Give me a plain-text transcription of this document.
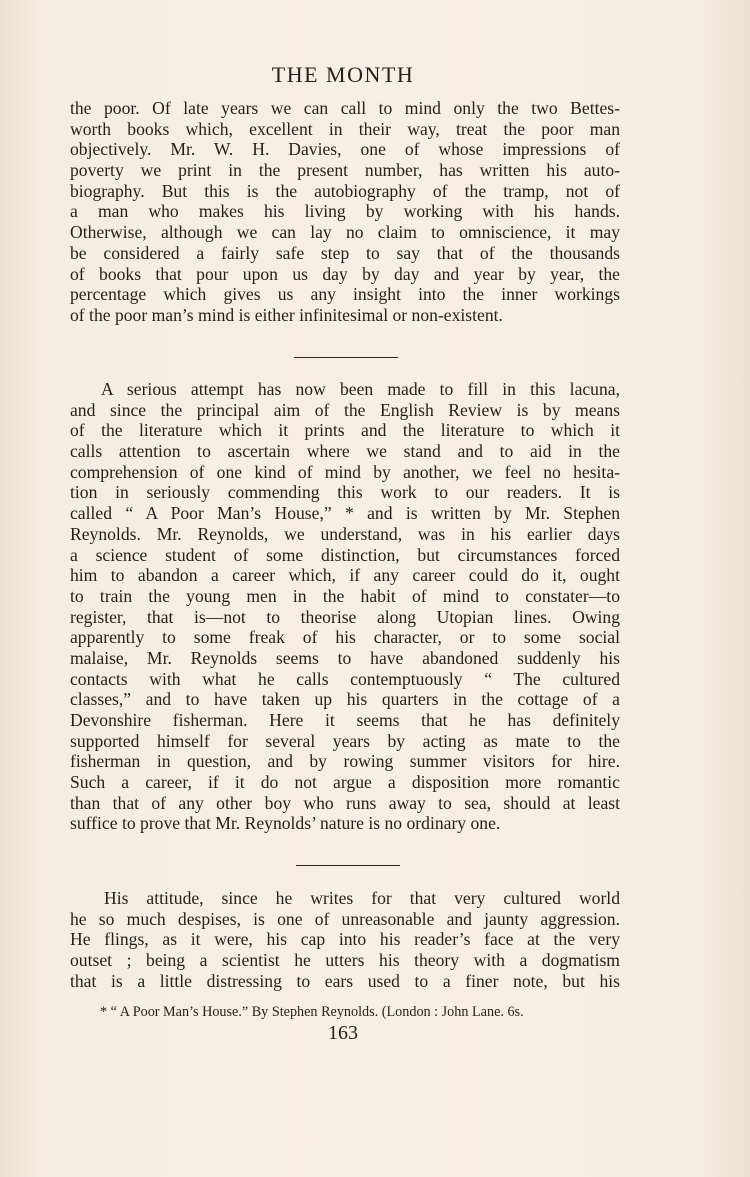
THE MONTH
the poor. Of late years we can call to mind only the two Bettes-
worth books which, excellent in their way, treat the poor man
objectively. Mr. W. H. Davies, one of whose impressions of
poverty we print in the present number, has written his auto-
biography. But this is the autobiography of the tramp, not of
a man who makes his living by working with his hands.
Otherwise, although we can lay no claim to omniscience, it may
be considered a fairly safe step to say that of the thousands
of books that pour upon us day by day and year by year, the
percentage which gives us any insight into the inner workings
of the poor man’s mind is either infinitesimal or non-existent.
A serious attempt has now been made to fill in this lacuna,
and since the principal aim of the English Review is by means
of the literature which it prints and the literature to which it
calls attention to ascertain where we stand and to aid in the
comprehension of one kind of mind by another, we feel no hesita-
tion in seriously commending this work to our readers. It is
called “ A Poor Man’s House,” * and is written by Mr. Stephen
Reynolds. Mr. Reynolds, we understand, was in his earlier days
a science student of some distinction, but circumstances forced
him to abandon a career which, if any career could do it, ought
to train the young men in the habit of mind to constater—to
register, that is—not to theorise along Utopian lines. Owing
apparently to some freak of his character, or to some social
malaise, Mr. Reynolds seems to have abandoned suddenly his
contacts with what he calls contemptuously “ The cultured
classes,” and to have taken up his quarters in the cottage of a
Devonshire fisherman. Here it seems that he has definitely
supported himself for several years by acting as mate to the
fisherman in question, and by rowing summer visitors for hire.
Such a career, if it do not argue a disposition more romantic
than that of any other boy who runs away to sea, should at least
suffice to prove that Mr. Reynolds’ nature is no ordinary one.
His attitude, since he writes for that very cultured world
he so much despises, is one of unreasonable and jaunty aggression.
He flings, as it were, his cap into his reader’s face at the very
outset ; being a scientist he utters his theory with a dogmatism
that is a little distressing to ears used to a finer note, but his
* “ A Poor Man’s House.” By Stephen Reynolds. (London : John Lane. 6s.
163
